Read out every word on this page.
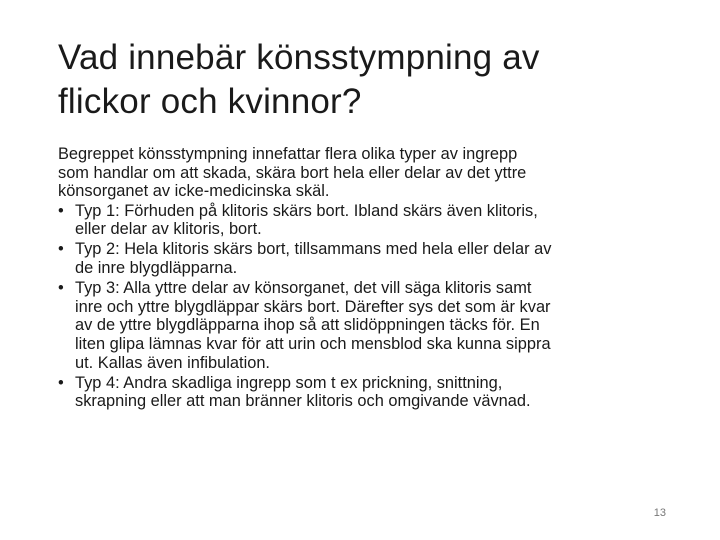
Vad innebär könsstympning av
flickor och kvinnor?

Begreppet könsstympning innefattar flera olika typer av ingrepp
som handlar om att skada, skära bort hela eller delar av det yttre
könsorganet av icke-medicinska skäl.

• Typ 1: Förhuden på klitoris skärs bort. Ibland skärs även klitoris,
eller delar av klitoris, bort.
• Typ 2: Hela klitoris skärs bort, tillsammans med hela eller delar av
de inre blygdläpparna.
• Typ 3: Alla yttre delar av könsorganet, det vill säga klitoris samt
inre och yttre blygdläppar skärs bort. Därefter sys det som är kvar
av de yttre blygdläpparna ihop så att slidöppningen täcks för. En
liten glipa lämnas kvar för att urin och mensblod ska kunna sippra
ut. Kallas även infibulation.
• Typ 4: Andra skadliga ingrepp som t ex prickning, snittning,
skrapning eller att man bränner klitoris och omgivande vävnad.
13
